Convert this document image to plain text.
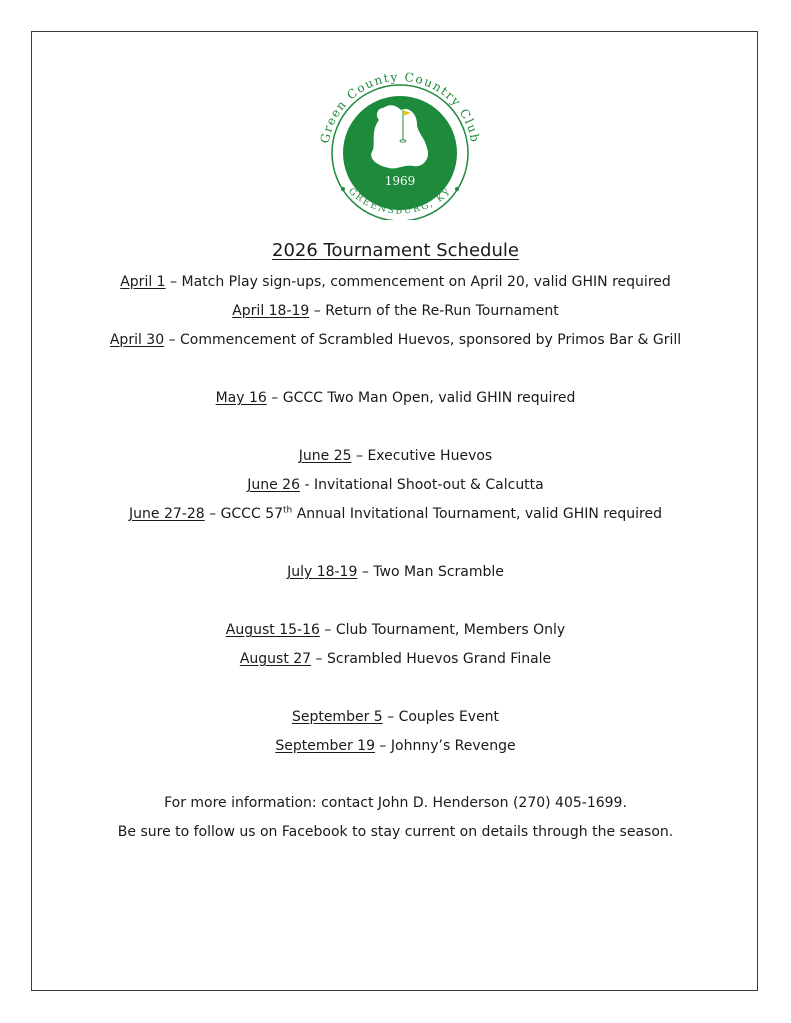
1969
Green County Country Club
GREENSBURG, KY
2026 Tournament Schedule
April 1 – Match Play sign-ups, commencement on April 20, valid GHIN required
April 18-19 – Return of the Re-Run Tournament
April 30 – Commencement of Scrambled Huevos, sponsored by Primos Bar & Grill
May 16 – GCCC Two Man Open, valid GHIN required
June 25 – Executive Huevos
June 26 - Invitational Shoot-out & Calcutta
June 27-28 – GCCC 57th Annual Invitational Tournament, valid GHIN required
July 18-19 – Two Man Scramble
August 15-16 – Club Tournament, Members Only
August 27 – Scrambled Huevos Grand Finale
September 5 – Couples Event
September 19 – Johnny’s Revenge
For more information: contact John D. Henderson (270) 405-1699.
Be sure to follow us on Facebook to stay current on details through the season.
